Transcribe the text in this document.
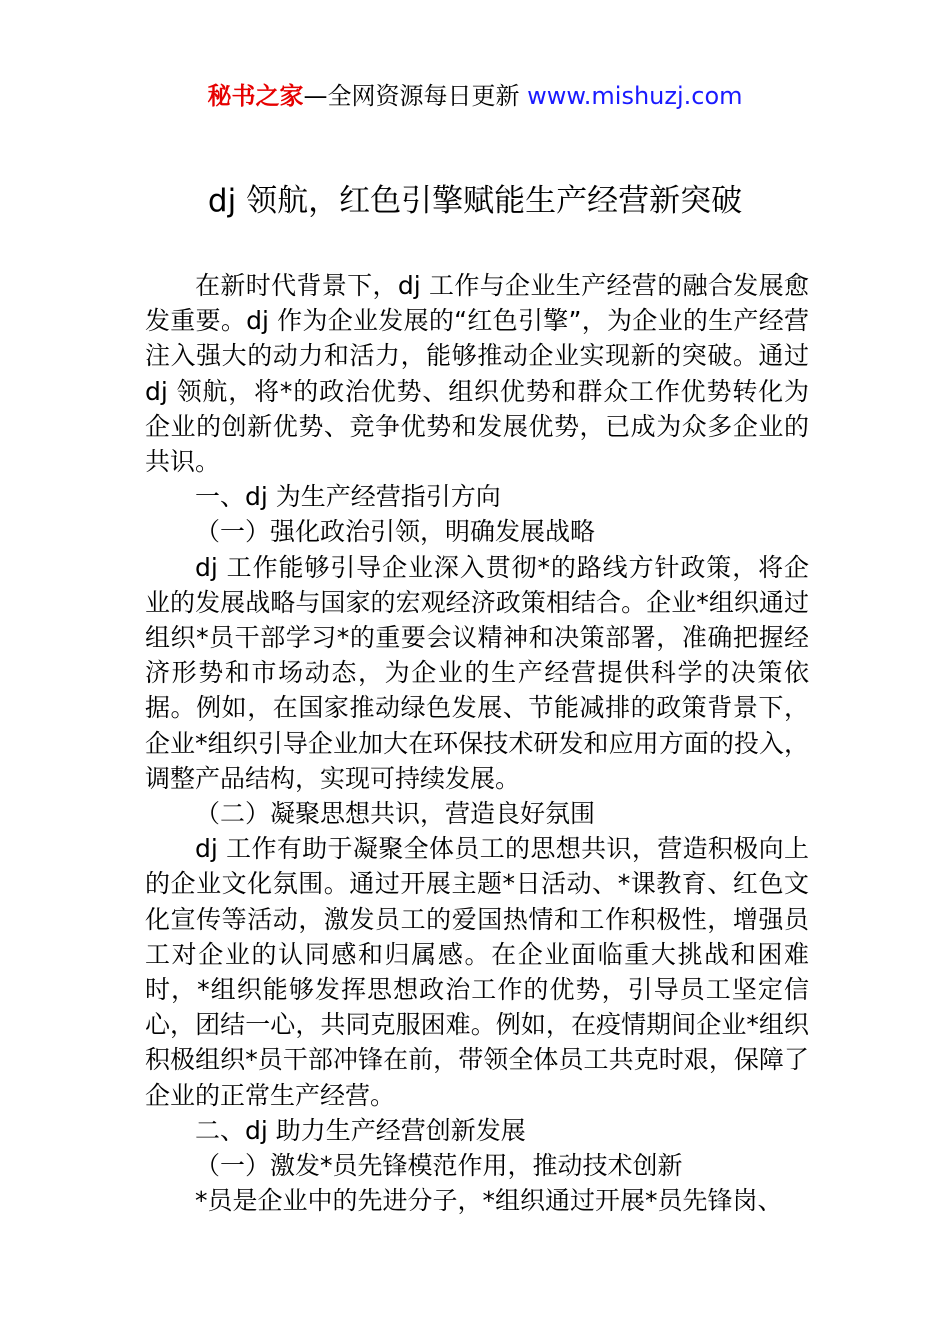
秘书之家—全网资源每日更新 www.mishuzj.com
dj 领航，红色引擎赋能生产经营新突破

在新时代背景下，dj 工作与企业生产经营的融合发展愈发重要。dj 作为企业发展的“红色引擎”，为企业的生产经营注入强大的动力和活力，能够推动企业实现新的突破。通过 dj 领航，将*的政治优势、组织优势和群众工作优势转化为企业的创新优势、竞争优势和发展优势，已成为众多企业的共识。

一、dj 为生产经营指引方向

（一）强化政治引领，明确发展战略

dj 工作能够引导企业深入贯彻*的路线方针政策，将企业的发展战略与国家的宏观经济政策相结合。企业*组织通过组织*员干部学习*的重要会议精神和决策部署，准确把握经济形势和市场动态，为企业的生产经营提供科学的决策依据。例如，在国家推动绿色发展、节能减排的政策背景下，企业*组织引导企业加大在环保技术研发和应用方面的投入，调整产品结构，实现可持续发展。

（二）凝聚思想共识，营造良好氛围

dj 工作有助于凝聚全体员工的思想共识，营造积极向上的企业文化氛围。通过开展主题*日活动、*课教育、红色文化宣传等活动，激发员工的爱国热情和工作积极性，增强员工对企业的认同感和归属感。在企业面临重大挑战和困难时，*组织能够发挥思想政治工作的优势，引导员工坚定信心，团结一心，共同克服困难。例如，在疫情期间企业*组织积极组织*员干部冲锋在前，带领全体员工共克时艰，保障了企业的正常生产经营。

二、dj 助力生产经营创新发展

（一）激发*员先锋模范作用，推动技术创新

*员是企业中的先进分子，*组织通过开展*员先锋岗、
